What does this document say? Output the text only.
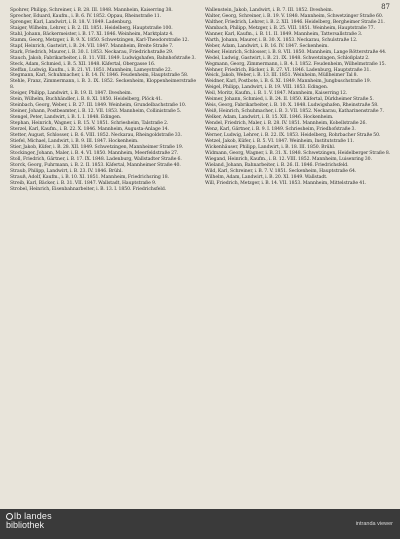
87

Spohrer, Philipp, Schreiner, i. B. 28. III. 1848. Mannheim, Kaiserring 38.

Sprecher, Eduard, Kaufm., i. B. 6. IV. 1852. Oppau, Rheinstraße 11.

Sprenger, Karl, Landwirt, i. B. 18. V. 1849. Ladenburg.

Staiger, Wilhelm, Lehrer, i. B. 2. III. 1851. Heidelberg, Hauptstraße 100.

Stahl, Johann, Bäckermeister, i. B. 17. XI. 1846. Weinheim, Marktplatz 4.

Stamm, Georg, Metzger, i. B. 9. X. 1850. Schwetzingen, Karl-Theodorstraße 12.

Stapf, Heinrich, Gastwirt, i. B. 24. VII. 1847. Mannheim, Breite Straße 7.

Stark, Friedrich, Maurer, i. B. 30. I. 1853. Neckarau, Friedrichstraße 29.

Stauch, Jakob, Fabrikarbeiter, i. B. 11. VIII. 1849. Ludwigshafen, Bahnhofstraße 3.

Steck, Adam, Schmied, i. B. 5. XII. 1848. Käfertal, Obergasse 16.

Steffan, Ludwig, Kaufm., i. B. 21. VI. 1851. Mannheim, Lameystraße 22.

Stegmann, Karl, Schuhmacher, i. B. 14. IV. 1846. Feudenheim, Hauptstraße 58.

Stehle, Franz, Zimmermann, i. B. 3. IX. 1852. Seckenheim, Kloppenheimerstraße 8.

Steiger, Philipp, Landwirt, i. B. 19. II. 1847. Ilvesheim.

Stein, Wilhelm, Buchhändler, i. B. 8. XI. 1850. Heidelberg, Plöck 41.

Steinbach, Georg, Weber, i. B. 27. III. 1849. Weinheim, Grundelbachstraße 10.

Steiner, Johann, Postbeamter, i. B. 12. VII. 1853. Mannheim, Collinistraße 5.

Stengel, Peter, Landwirt, i. B. 1. I. 1848. Edingen.

Stephan, Heinrich, Wagner, i. B. 15. V. 1851. Schriesheim, Talstraße 2.

Sterzel, Karl, Kaufm., i. B. 22. X. 1846. Mannheim, Augusta-Anlage 14.

Stetter, August, Schlosser, i. B. 6. VIII. 1852. Neckarau, Rheingoldstraße 33.

Stiefel, Michael, Landwirt, i. B. 9. III. 1847. Hockenheim.

Stier, Jakob, Küfer, i. B. 28. XII. 1849. Schwetzingen, Mannheimer Straße 19.

Stockinger, Johann, Maler, i. B. 4. VI. 1850. Mannheim, Meerfeldstraße 27.

Stoll, Friedrich, Gärtner, i. B. 17. IX. 1848. Ladenburg, Wallstadter Straße 6.

Storck, Georg, Fuhrmann, i. B. 2. II. 1853. Käfertal, Mannheimer Straße 40.

Straub, Philipp, Landwirt, i. B. 23. IV. 1846. Brühl.

Strauß, Adolf, Kaufm., i. B. 10. XI. 1851. Mannheim, Friedrichsring 18.

Streib, Karl, Bäcker, i. B. 31. VII. 1847. Wallstadt, Hauptstraße 9.

Strobel, Heinrich, Eisenbahnarbeiter, i. B. 13. I. 1850. Friedrichsfeld.

Wallenstein, Jakob, Landwirt, i. B. 7. III. 1852. Ilvesheim.

Walter, Georg, Schreiner, i. B. 19. V. 1848. Mannheim, Schwetzinger Straße 60.

Walther, Friedrich, Lehrer, i. B. 2. XII. 1846. Heidelberg, Bergheimer Straße 21.

Wambach, Philipp, Metzger, i. B. 25. VIII. 1851. Weinheim, Hauptstraße 77.

Wanner, Karl, Kaufm., i. B. 11. II. 1849. Mannheim, Tattersallstraße 3.

Warth, Johann, Maurer, i. B. 30. X. 1853. Neckarau, Schulstraße 12.

Weber, Adam, Landwirt, i. B. 16. IV. 1847. Seckenheim.

Weber, Heinrich, Schlosser, i. B. 8. VII. 1850. Mannheim, Lange Rötterstraße 44.

Wedel, Ludwig, Gastwirt, i. B. 21. IX. 1848. Schwetzingen, Schloßplatz 2.

Wegmann, Georg, Zimmermann, i. B. 4. I. 1852. Feudenheim, Wilhelmstraße 15.

Wehner, Friedrich, Bäcker, i. B. 27. VI. 1846. Ladenburg, Hauptstraße 31.

Weick, Jakob, Weber, i. B. 13. III. 1851. Weinheim, Müllheimer Tal 8.

Weidner, Karl, Postbote, i. B. 6. XI. 1849. Mannheim, Jungbuschstraße 19.

Weigel, Philipp, Landwirt, i. B. 19. VIII. 1853. Edingen.

Weil, Moritz, Kaufm., i. B. 1. V. 1847. Mannheim, Kaiserring 12.

Weimer, Johann, Schmied, i. B. 24. II. 1850. Käfertal, Dürkheimer Straße 5.

Weis, Georg, Fabrikarbeiter, i. B. 10. X. 1848. Ludwigshafen, Rheinstraße 58.

Weiß, Heinrich, Schuhmacher, i. B. 3. VII. 1852. Neckarau, Katharinenstraße 7.

Welker, Adam, Landwirt, i. B. 15. XII. 1846. Hockenheim.

Wendel, Friedrich, Maler, i. B. 28. IV. 1851. Mannheim, Kobellstraße 26.

Wenz, Karl, Gärtner, i. B. 9. I. 1849. Schriesheim, Friedhofstraße 3.

Werner, Ludwig, Lehrer, i. B. 22. IX. 1853. Heidelberg, Rohrbacher Straße 50.

Wetzel, Jakob, Küfer, i. B. 5. VI. 1847. Weinheim, Institutstraße 11.

Wickenhäuser, Philipp, Landwirt, i. B. 18. III. 1850. Brühl.

Widmann, Georg, Wagner, i. B. 31. X. 1848. Schwetzingen, Heidelberger Straße 8.

Wiegand, Heinrich, Kaufm., i. B. 12. VIII. 1852. Mannheim, Luisenring 30.

Wieland, Johann, Bahnarbeiter, i. B. 26. II. 1846. Friedrichsfeld.

Wild, Karl, Schreiner, i. B. 7. V. 1851. Seckenheim, Hauptstraße 64.

Wilhelm, Adam, Landwirt, i. B. 20. XI. 1849. Wallstadt.

Will, Friedrich, Metzger, i. B. 14. VII. 1853. Mannheim, Mittelstraße 41.

lb landes
bibliothek	intranda viewer
